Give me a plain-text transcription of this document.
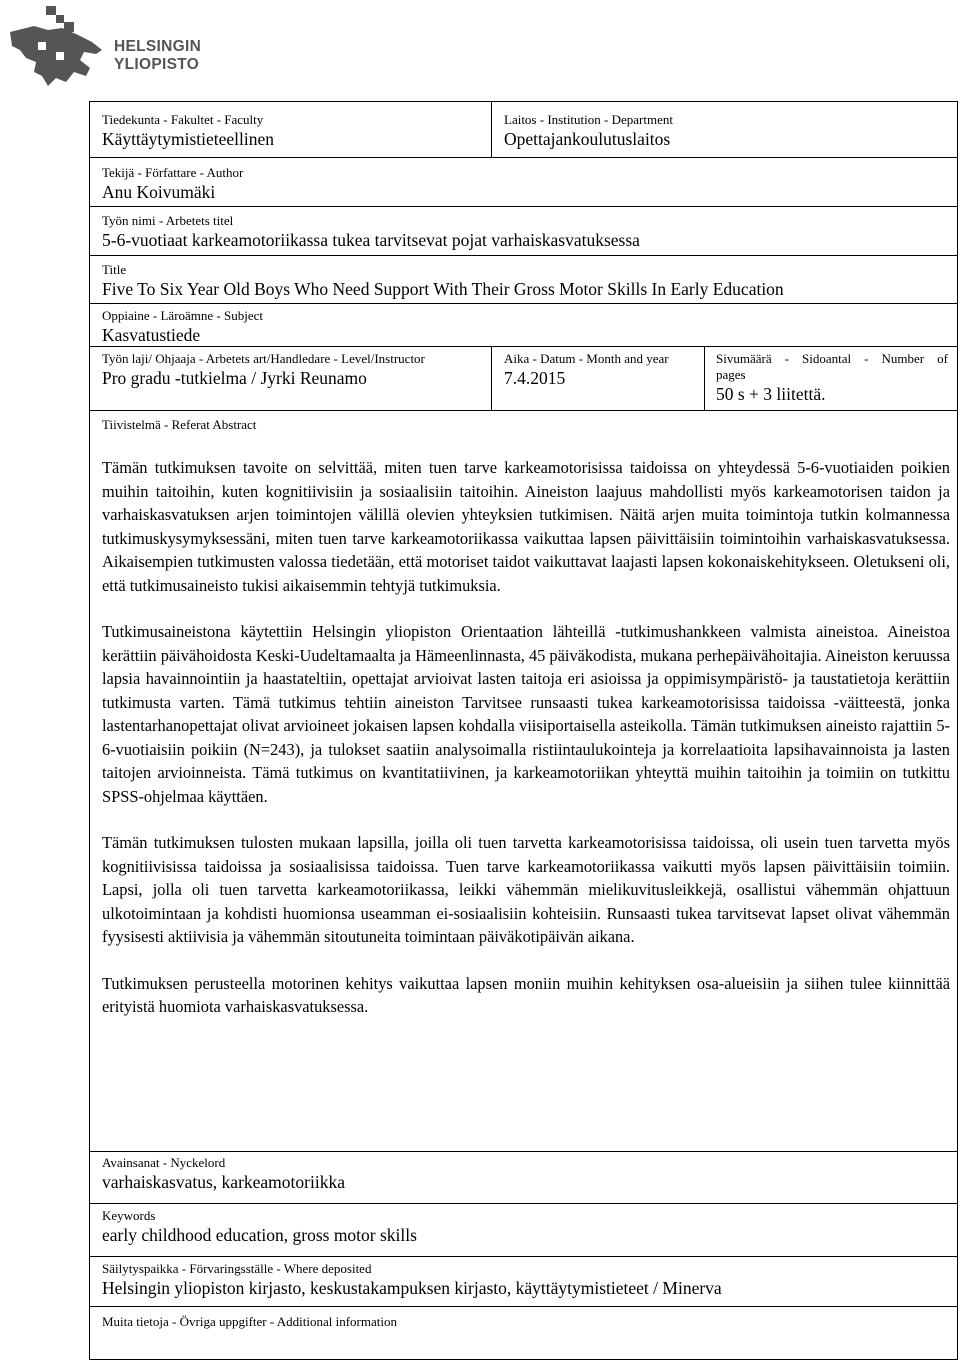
HELSINGIN YLIOPISTO
Tiedekunta - Fakultet - Faculty
Käyttäytymistieteellinen
Laitos - Institution - Department
Opettajankoulutuslaitos
Tekijä - Författare - Author
Anu Koivumäki
Työn nimi - Arbetets titel
5-6-vuotiaat karkeamotoriikassa tukea tarvitsevat pojat varhaiskasvatuksessa
Title
Five To Six Year Old Boys Who Need Support With Their Gross Motor Skills In Early Education
Oppiaine - Läroämne - Subject
Kasvatustiede
Työn laji/ Ohjaaja - Arbetets art/Handledare - Level/Instructor
Pro gradu -tutkielma / Jyrki Reunamo
Aika - Datum - Month and year
7.4.2015
Sivumäärä - Sidoantal - Number of
pages
50 s + 3 liitettä.
Tiivistelmä - Referat Abstract

Tämän tutkimuksen tavoite on selvittää, miten tuen tarve karkeamotorisissa taidoissa on yhteydessä 5-6-vuotiaiden poikien muihin taitoihin, kuten kognitiivisiin ja sosiaalisiin taitoihin. Aineiston laajuus mahdollisti myös karkeamotorisen taidon ja varhaiskasvatuksen arjen toimintojen välillä olevien yhteyksien tutkimisen. Näitä arjen muita toimintoja tutkin kolmannessa tutkimuskysymyksessäni, miten tuen tarve karkeamotoriikassa vaikuttaa lapsen päivittäisiin toimintoihin varhaiskasvatuksessa. Aikaisempien tutkimusten valossa tiedetään, että motoriset taidot vaikuttavat laajasti lapsen kokonaiskehitykseen. Oletukseni oli, että tutkimusaineisto tukisi aikaisemmin tehtyjä tutkimuksia.

Tutkimusaineistona käytettiin Helsingin yliopiston Orientaation lähteillä -tutkimushankkeen valmista aineistoa. Aineistoa kerättiin päivähoidosta Keski-Uudeltamaalta ja Hämeenlinnasta, 45 päiväkodista, mukana perhepäivähoitajia. Aineiston keruussa lapsia havainnointiin ja haastateltiin, opettajat arvioivat lasten taitoja eri asioissa ja oppimisympäristö- ja taustatietoja kerättiin tutkimusta varten. Tämä tutkimus tehtiin aineiston Tarvitsee runsaasti tukea karkeamotorisissa taidoissa -väitteestä, jonka lastentarhanopettajat olivat arvioineet jokaisen lapsen kohdalla viisiportaisella asteikolla. Tämän tutkimuksen aineisto rajattiin 5-6-vuotiaisiin poikiin (N=243), ja tulokset saatiin analysoimalla ristiintaulukointeja ja korrelaatioita lapsihavainnoista ja lasten taitojen arvioinneista. Tämä tutkimus on kvantitatiivinen, ja karkeamotoriikan yhteyttä muihin taitoihin ja toimiin on tutkittu SPSS-ohjelmaa käyttäen.

Tämän tutkimuksen tulosten mukaan lapsilla, joilla oli tuen tarvetta karkeamotorisissa taidoissa, oli usein tuen tarvetta myös kognitiivisissa taidoissa ja sosiaalisissa taidoissa. Tuen tarve karkeamotoriikassa vaikutti myös lapsen päivittäisiin toimiin. Lapsi, jolla oli tuen tarvetta karkeamotoriikassa, leikki vähemmän mielikuvitusleikkejä, osallistui vähemmän ohjattuun ulkotoimintaan ja kohdisti huomionsa useamman ei-sosiaalisiin kohteisiin. Runsaasti tukea tarvitsevat lapset olivat vähemmän fyysisesti aktiivisia ja vähemmän sitoutuneita toimintaan päiväkotipäivän aikana.

Tutkimuksen perusteella motorinen kehitys vaikuttaa lapsen moniin muihin kehityksen osa-alueisiin ja siihen tulee kiinnittää erityistä huomiota varhaiskasvatuksessa.

Avainsanat - Nyckelord
varhaiskasvatus, karkeamotoriikka
Keywords
early childhood education, gross motor skills
Säilytyspaikka - Förvaringsställe - Where deposited
Helsingin yliopiston kirjasto, keskustakampuksen kirjasto, käyttäytymistieteet / Minerva
Muita tietoja - Övriga uppgifter - Additional information
